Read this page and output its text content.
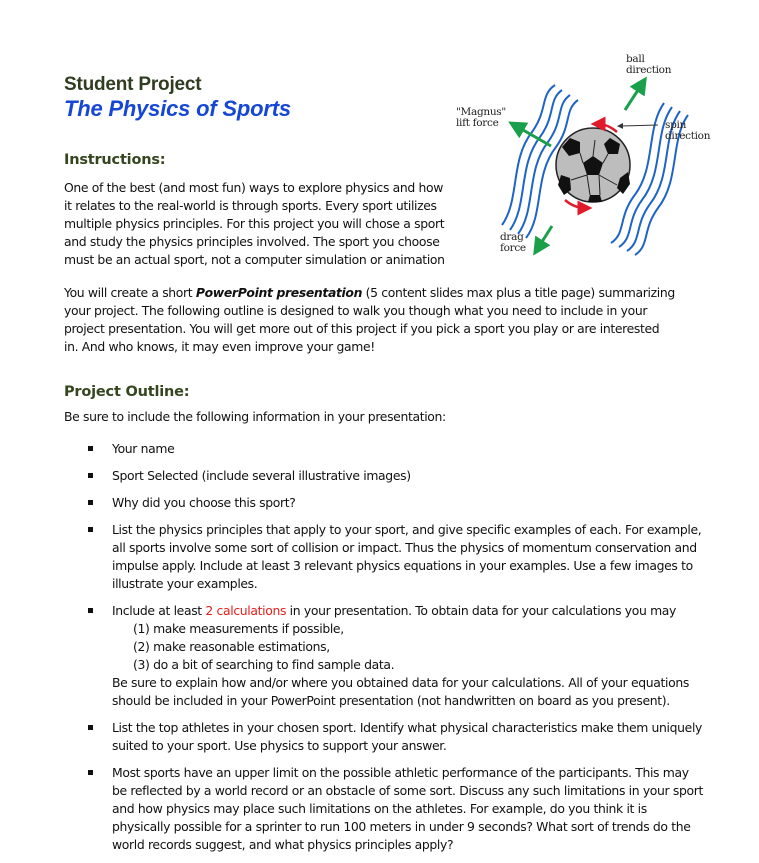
Student Project
The Physics of Sports
ball
direction
"Magnus"
lift force	spin
direction
drag
force
Instructions:
One of the best (and most fun) ways to explore physics and how
it relates to the real-world is through sports. Every sport utilizes
multiple physics principles. For this project you will chose a sport
and study the physics principles involved. The sport you choose
must be an actual sport, not a computer simulation or animation
You will create a short PowerPoint presentation (5 content slides max plus a title page) summarizing
your project. The following outline is designed to walk you though what you need to include in your
project presentation. You will get more out of this project if you pick a sport you play or are interested
in. And who knows, it may even improve your game!
Project Outline:
Be sure to include the following information in your presentation:
Your name
Sport Selected (include several illustrative images)
Why did you choose this sport?
List the physics principles that apply to your sport, and give specific examples of each. For example, all sports involve some sort of collision or impact. Thus the physics of momentum conservation and impulse apply. Include at least 3 relevant physics equations in your examples. Use a few images to illustrate your examples.
Include at least 2 calculations in your presentation. To obtain data for your calculations you may
(1) make measurements if possible,
(2) make reasonable estimations,
(3) do a bit of searching to find sample data.
Be sure to explain how and/or where you obtained data for your calculations. All of your equations should be included in your PowerPoint presentation (not handwritten on board as you present).
List the top athletes in your chosen sport. Identify what physical characteristics make them uniquely suited to your sport. Use physics to support your answer.
Most sports have an upper limit on the possible athletic performance of the participants. This may be reflected by a world record or an obstacle of some sort. Discuss any such limitations in your sport and how physics may place such limitations on the athletes. For example, do you think it is physically possible for a sprinter to run 100 meters in under 9 seconds? What sort of trends do the world records suggest, and what physics principles apply?
